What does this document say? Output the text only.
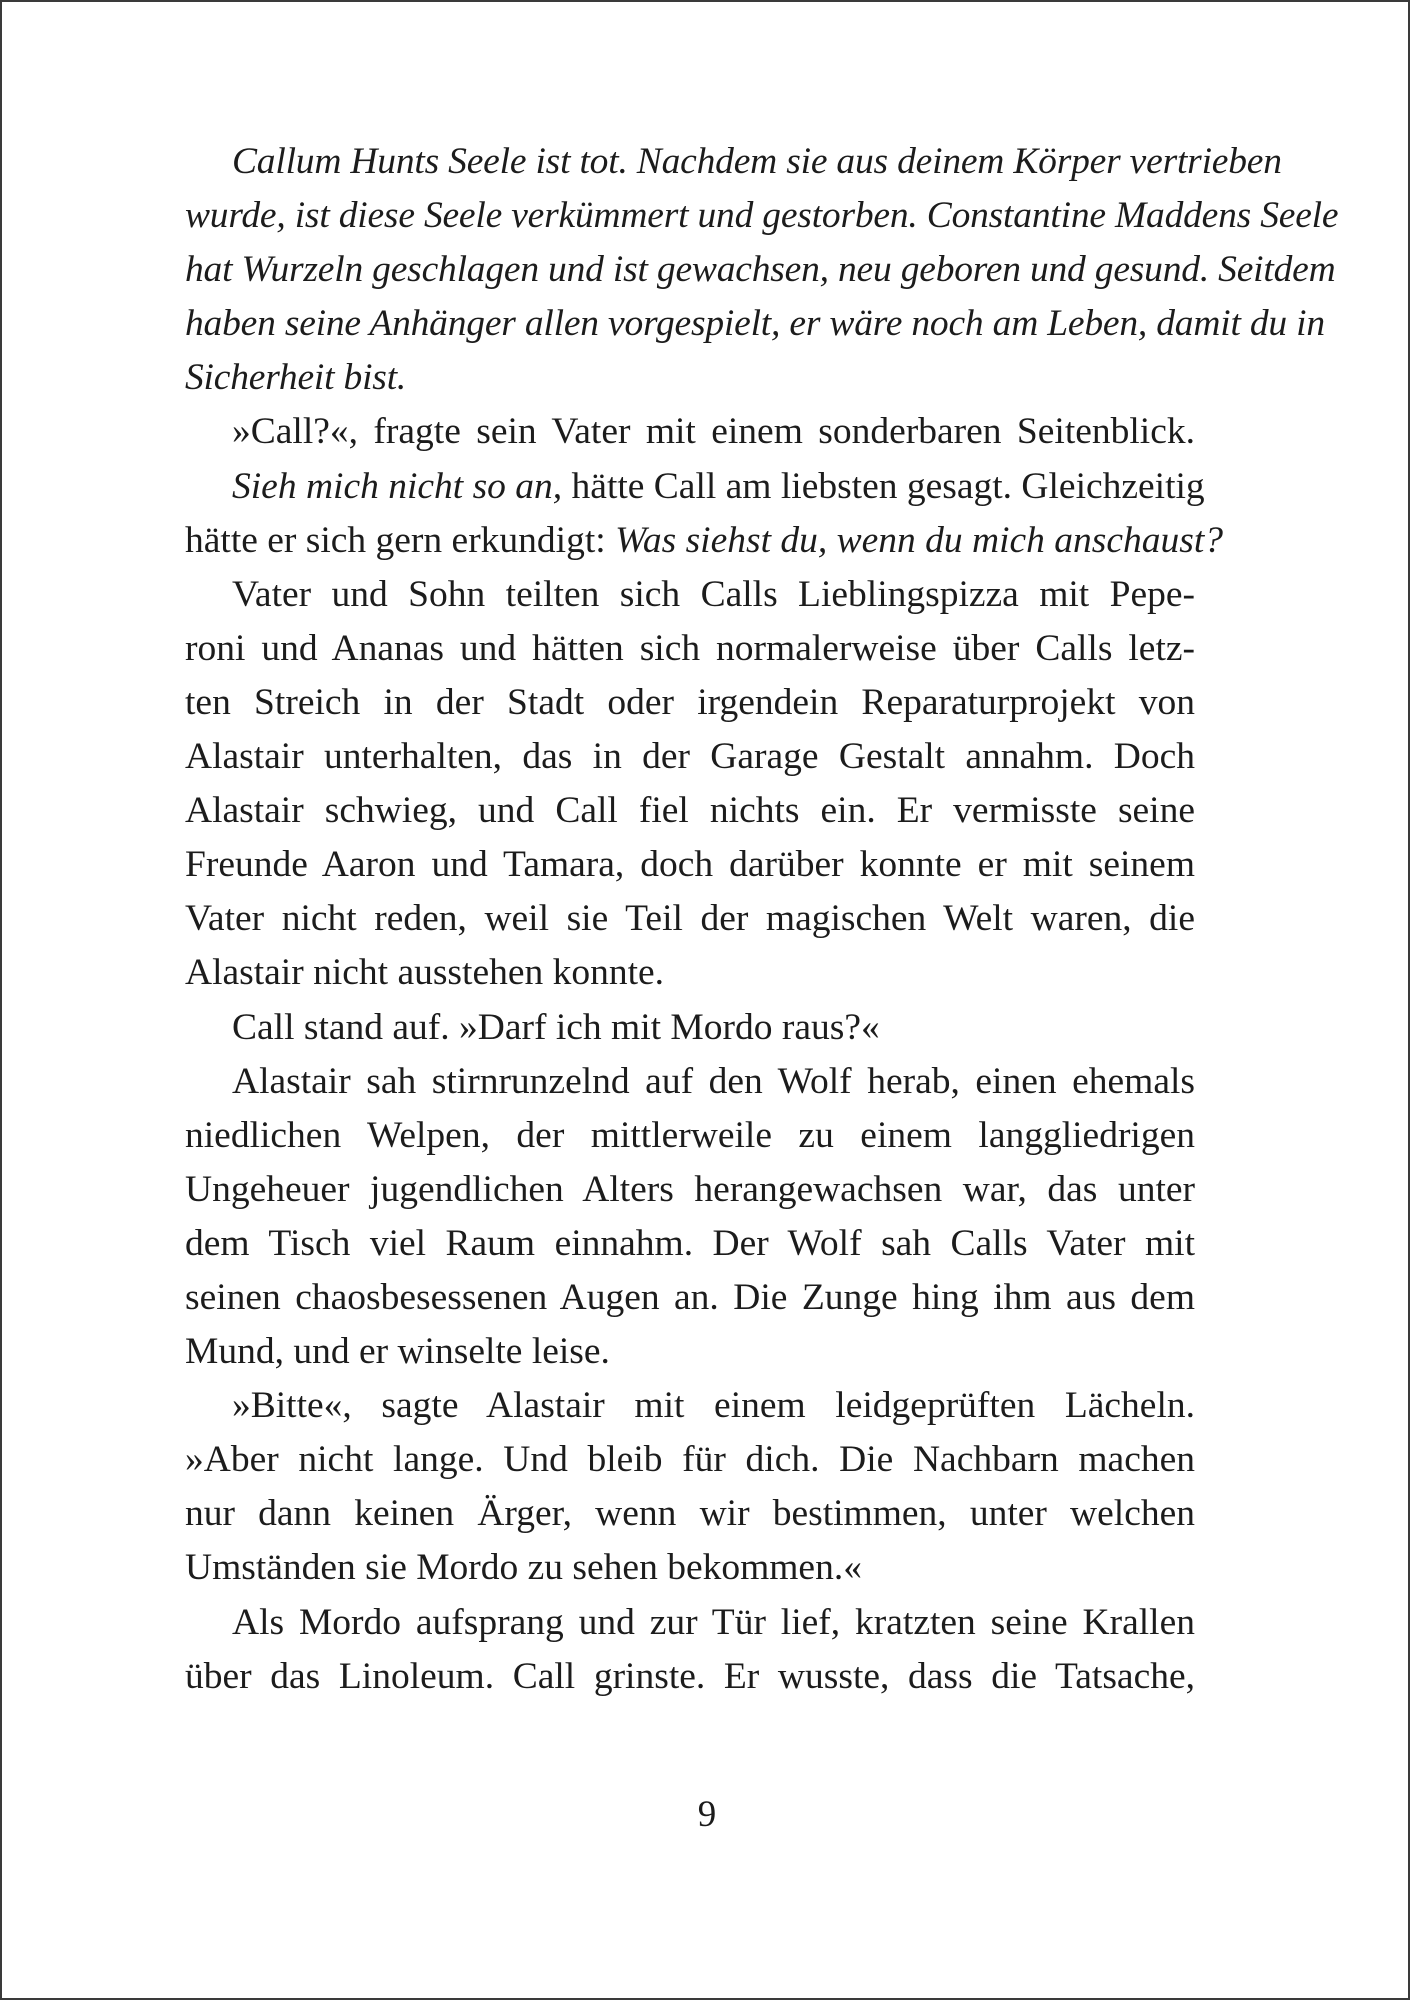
Callum Hunts Seele ist tot. Nachdem sie aus deinem Körper vertrieben
wurde, ist diese Seele verkümmert und gestorben. Constantine Maddens Seele
hat Wurzeln geschlagen und ist gewachsen, neu geboren und gesund. Seitdem
haben seine Anhänger allen vorgespielt, er wäre noch am Leben, damit du in
Sicherheit bist.
»Call?«, fragte sein Vater mit einem sonderbaren Seitenblick.
Sieh mich nicht so an, hätte Call am liebsten gesagt. Gleichzeitig
hätte er sich gern erkundigt: Was siehst du, wenn du mich anschaust?
Vater und Sohn teilten sich Calls Lieblingspizza mit Pepe-
roni und Ananas und hätten sich normalerweise über Calls letz-
ten Streich in der Stadt oder irgendein Reparaturprojekt von
Alastair unterhalten, das in der Garage Gestalt annahm. Doch
Alastair schwieg, und Call fiel nichts ein. Er vermisste seine
Freunde Aaron und Tamara, doch darüber konnte er mit seinem
Vater nicht reden, weil sie Teil der magischen Welt waren, die
Alastair nicht ausstehen konnte.
Call stand auf. »Darf ich mit Mordo raus?«
Alastair sah stirnrunzelnd auf den Wolf herab, einen ehemals
niedlichen Welpen, der mittlerweile zu einem langgliedrigen
Ungeheuer jugendlichen Alters herangewachsen war, das unter
dem Tisch viel Raum einnahm. Der Wolf sah Calls Vater mit
seinen chaosbesessenen Augen an. Die Zunge hing ihm aus dem
Mund, und er winselte leise.
»Bitte«, sagte Alastair mit einem leidgeprüften Lächeln.
»Aber nicht lange. Und bleib für dich. Die Nachbarn machen
nur dann keinen Ärger, wenn wir bestimmen, unter welchen
Umständen sie Mordo zu sehen bekommen.«
Als Mordo aufsprang und zur Tür lief, kratzten seine Krallen
über das Linoleum. Call grinste. Er wusste, dass die Tatsache,
9
